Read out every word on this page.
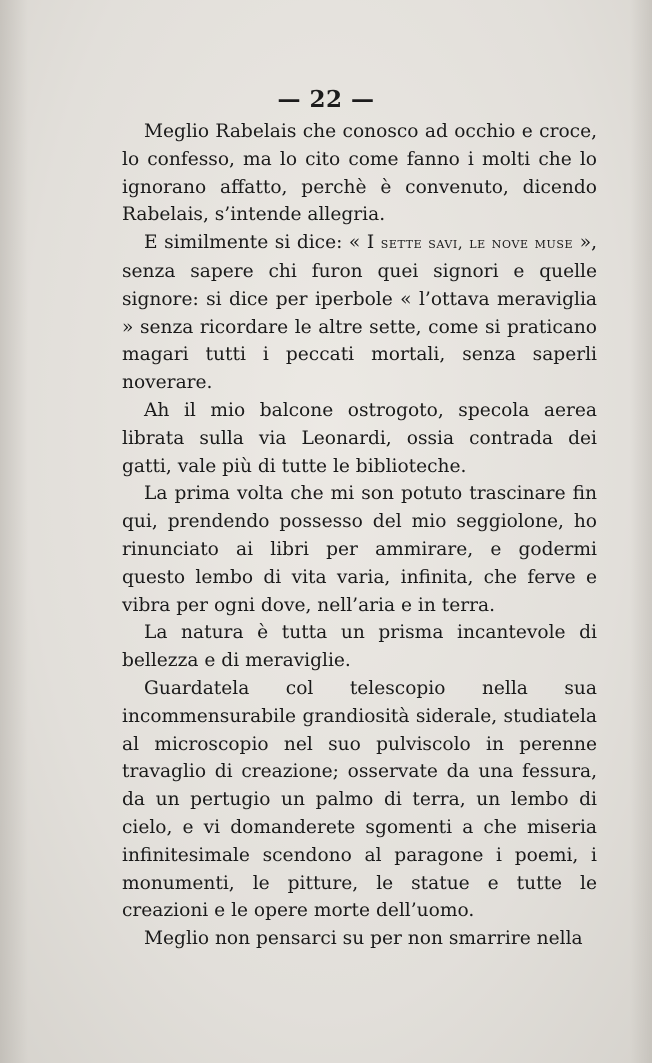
— 22 —

Meglio Rabelais che conosco ad occhio e croce, lo confesso, ma lo cito come fanno i molti che lo ignorano affatto, perchè è convenuto, dicendo Rabelais, s’intende allegria.

E similmente si dice: « I sette savi, le nove muse », senza sapere chi furon quei signori e quelle signore: si dice per iperbole « l’ottava meraviglia » senza ricordare le altre sette, come si praticano magari tutti i peccati mortali, senza saperli noverare.

Ah il mio balcone ostrogoto, specola aerea librata sulla via Leonardi, ossia contrada dei gatti, vale più di tutte le biblioteche.

La prima volta che mi son potuto trascinare fin qui, prendendo possesso del mio seggiolone, ho rinunciato ai libri per ammirare, e godermi questo lembo di vita varia, infinita, che ferve e vibra per ogni dove, nell’aria e in terra.

La natura è tutta un prisma incantevole di bellezza e di meraviglie.

Guardatela col telescopio nella sua incommensurabile grandiosità siderale, studiatela al microscopio nel suo pulviscolo in perenne travaglio di creazione; osservate da una fessura, da un pertugio un palmo di terra, un lembo di cielo, e vi domanderete sgomenti a che miseria infinitesimale scendono al paragone i poemi, i monumenti, le pitture, le statue e tutte le creazioni e le opere morte dell’uomo.

Meglio non pensarci su per non smarrire nella
